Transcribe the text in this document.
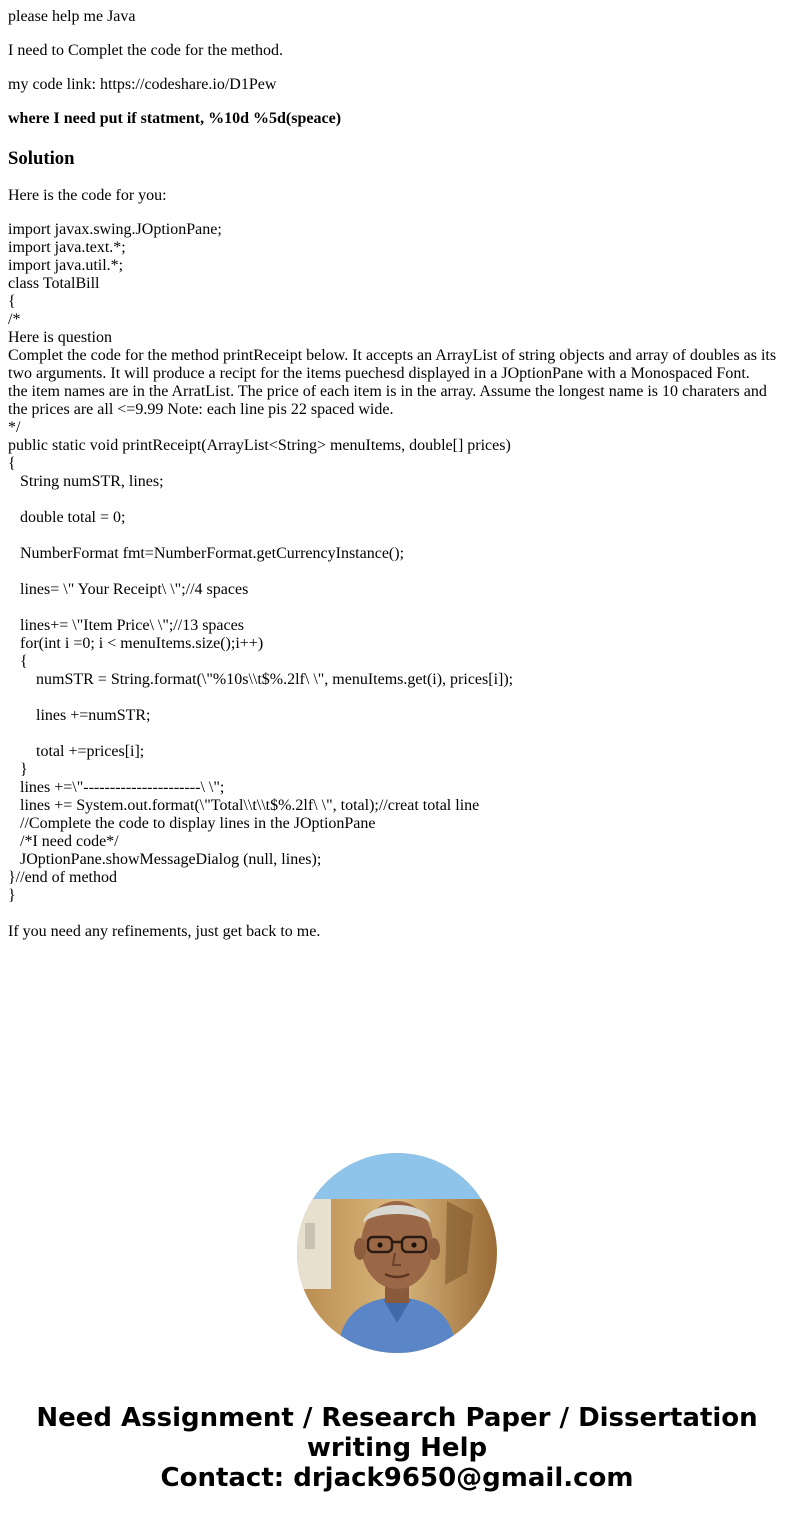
please help me Java

I need to Complet the code for the method.

my code link: https://codeshare.io/D1Pew

where I need put if statment, %10d %5d(speace)

Solution

Here is the code for you:

import javax.swing.JOptionPane;
import java.text.*;
import java.util.*;
class TotalBill
{
/*
Here is question
Complet the code for the method printReceipt below. It accepts an ArrayList of string objects and array of doubles as its two arguments. It will produce a recipt for the items puechesd displayed in a JOptionPane with a Monospaced Font.
the item names are in the ArratList. The price of each item is in the array. Assume the longest name is 10 charaters and the prices are all <=9.99 Note: each line pis 22 spaced wide.
*/
public static void printReceipt(ArrayList<String> menuItems, double[] prices)
{
String numSTR, lines;
double total = 0;
NumberFormat fmt=NumberFormat.getCurrencyInstance();
lines= \" Your Receipt\ \";//4 spaces
lines+= \"Item Price\ \";//13 spaces
for(int i =0; i < menuItems.size();i++)
{
numSTR = String.format(\"%10s\\t$%.2lf\ \", menuItems.get(i), prices[i]);
lines +=numSTR;
total +=prices[i];
}
lines +=\"----------------------\ \";
lines += System.out.format(\"Total\\t\\t$%.2lf\ \", total);//creat total line
//Complete the code to display lines in the JOptionPane
/*I need code*/
JOptionPane.showMessageDialog (null, lines);
}//end of method
}

If you need any refinements, just get back to me.

Need Assignment / Research Paper / Dissertation
writing Help
Contact: drjack9650@gmail.com
